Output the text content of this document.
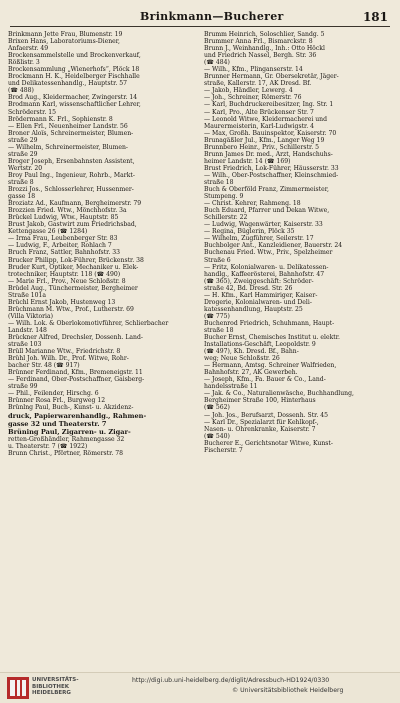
Brinkmann—Bucherer	181
Brinkmann Jette Frau, Blumenstr. 19
Brixen Hans, Laboratoriums-Diener,
Anfaerstr. 49
Brockensammelstelle und Brockenverkauf,
Rößlistr. 3
Brockensammlung „Wienerhofs“, Plöck 18
Brockmann H. K., Heidelberger Fischhalle
und Delikatessenhandlg., Hauptstr. 57
(☎ 488)
Brod Aug., Kleidermacher, Zwingerstr. 14
Brodmann Karl, wissenschaftlicher Lehrer,
Schröderstr. 15
Brödermann K. Frl., Sophienstr. 8
— Ellen Frl., Neuenheimer Landstr. 56
Broner Aloïs, Schreinermeister, Blumen-
straße 29
— Wilhelm, Schreinermeister, Blumen-
straße 29
Broger Joseph, Ersenbahnsten Assistent,
Wertstr. 20
Broy Paul Ing., Ingenieur, Rohrb., Markt-
straße 8
Brozzi Jos., Schlosserlehrer, Hussenmer-
gasse 18
Broziatz Ad., Kaufmann, Bergheimerstr. 79
Brozzien Fried. Wtw., Mönchhofstr. 3a
Brückel Ludwig, Wtw., Hauptstr. 85
Brust Jakob, Gastwirt zum Friedrichsbad,
Kettengasse 26 (☎ 1284)
— Irma Frau, Leubenberger Str. 83
— Ludwig, F., Arbeiter, Rohlach 7
Bruch Franz, Sattler, Bahnhofstr. 33
Brucker Philipp, Lok-Führer, Brückenstr. 38
Bruder Kurt, Optiker, Mechaniker u. Elek-
trotechniker, Hauptstr. 118 (☎ 490)
— Marie Frl., Prov., Neue Schloßstr. 8
Brüdel Aug., Tünchermeister, Bergheimer
Straße 101a
Brüchl Ernst Jakob, Hustenweg 13
Brüchmann M. Wtw., Prof., Lutherstr. 69
(Villa Viktoria)
— Wilh. Lok. & Oberlokomotivführer, Schlierbacher
Landstr. 148
Brückner Alfred, Drechsler, Dossenh. Land-
straße 103
Brüll Marianne Wtw., Friedrichstr. 8
Brühl Joh. Wilh. Dr., Prof. Witwe, Rohr-
bacher Str. 48 (☎ 917)
Brünner Ferdinand, Kfm., Bremeneigstr. 11
— Ferdinand, Ober-Postschaffner, Gaisberg-
straße 99
— Phil., Feilender, Hirschg. 6
Brünner Rosa Frl., Burgweg 12
Brünlng Paul, Buch-, Kunst- u. Akzidenz-
druck, Papierwarenhandlg., Rahmen-
gasse 32 und Theaterstr. 7
Brüning Paul, Zigarren- u. Zigar-
retten-Großhändler, Rahmengasse 32
u. Theaterstr. 7 (☎ 1922)
Brunn Christ., Pförtner, Römerstr. 78
Brumm Heinrich, Soloschlier, Sandg. 5
Brummer Anna Frl., Bismarckstr. 8
Brunn J., Weinhandlg., Inh.: Otto Höckl
und Friedrich Nassel, Bergh. Str. 36
(☎ 484)
— Wilh., Kfm., Plinganserstr. 14
Brunner Hermann, Gr. Obersekretär, Jäger-
straße, Kallerstr. 17, AK Dresd. Bf.
— Jakob, Händler, Lewerg. 4
— Joh., Schreiner, Römerstr. 76
— Karl, Buchdruckereibesitzer, Ing. Str. 1
— Karl, Pro., Alte Brückenser Str. 7
— Leonold Witwe, Kleidermacherei und
Maurermeisterin, Karl-Ludwigstr. 4
— Max, Großh. Bauinspektor, Kaiserstr. 70
Brunagäßler Jul., Kfm., Langer Weg 19
Brunnbero Heinr., Priv., Schillerstr. 5
Brunn James Dr. med., Arzt, Handschuhs-
heimer Landstr. 14 (☎ 169)
Brust Friedrich, Lok-Führer, Häusserstr. 33
— Wilh., Ober-Postschaffner, Kleinschmied-
straße 18
Buch & Oberföld Franz, Zimmermeister,
Stumpeng. 9
— Christ. Kehrer, Rahmeng. 18
Buch Eduard, Pfarrer und Dekan Witwe,
Schillerstr. 22
— Ludwig, Wagenwärter, Kaiserstr. 33
— Regina, Büglerin, Plöck 35
— Wilhelm, Zugführer, Seilerstr. 17
Buchbolger Ant., Kanzleidiener, Bauerstr. 24
Buchenau Fried. Wtw., Priv., Spelzheimer
Straße 6
— Fritz, Kolonialwaren- u. Delikatessen-
handlg., Kaffeerösterei, Bahnhofstr. 47
(☎ 365), Zweiggeschäft: Schröder-
straße 42, Bd. Dresd. Str. 26
— H. Kfm., Karl Hammiriger, Kaiser-
Drogerie, Kolonialwaren- und Deli-
katessenhandlung, Hauptstr. 25
(☎ 775)
Buchenrod Friedrich, Schuhmann, Haupt-
straße 18
Bucher Ernst, Chemisches Institut u. elektr.
Installations-Geschäft, Leopoldstr. 9
(☎ 497), Kh. Dresd. Bf., Bahn-
weg; Neue Schloßstr. 26
— Hermann, Amtsg. Schreiner Walfrieden,
Bahnhofstr. 27, AK Gewerbeh.
— Joseph, Kfm., Fa. Bauer & Co., Land-
handelsstraße 11
— Jak. & Co., Naturalienwäsche, Buchhandlung,
Bergheimer Straße 100, Hinterhaus
(☎ 562)
— Joh. Jos., Berufsarzt, Dossenh. Str. 45
— Karl Dr., Spezialarzt für Kehlkopf-,
Nasen- u. Ohrenkranke, Kaiserstr. 7
(☎ 540)
Bucherer E., Gerichtsnotar Witwe, Kunst-
Fischerstr. 7
UNIVERSITÄTS-
BIBLIOTHEK
HEIDELBERG
http://digi.ub.uni-heidelberg.de/diglit/Adressbuch-HD1924/0330
© Universitätsbibliothek Heidelberg
